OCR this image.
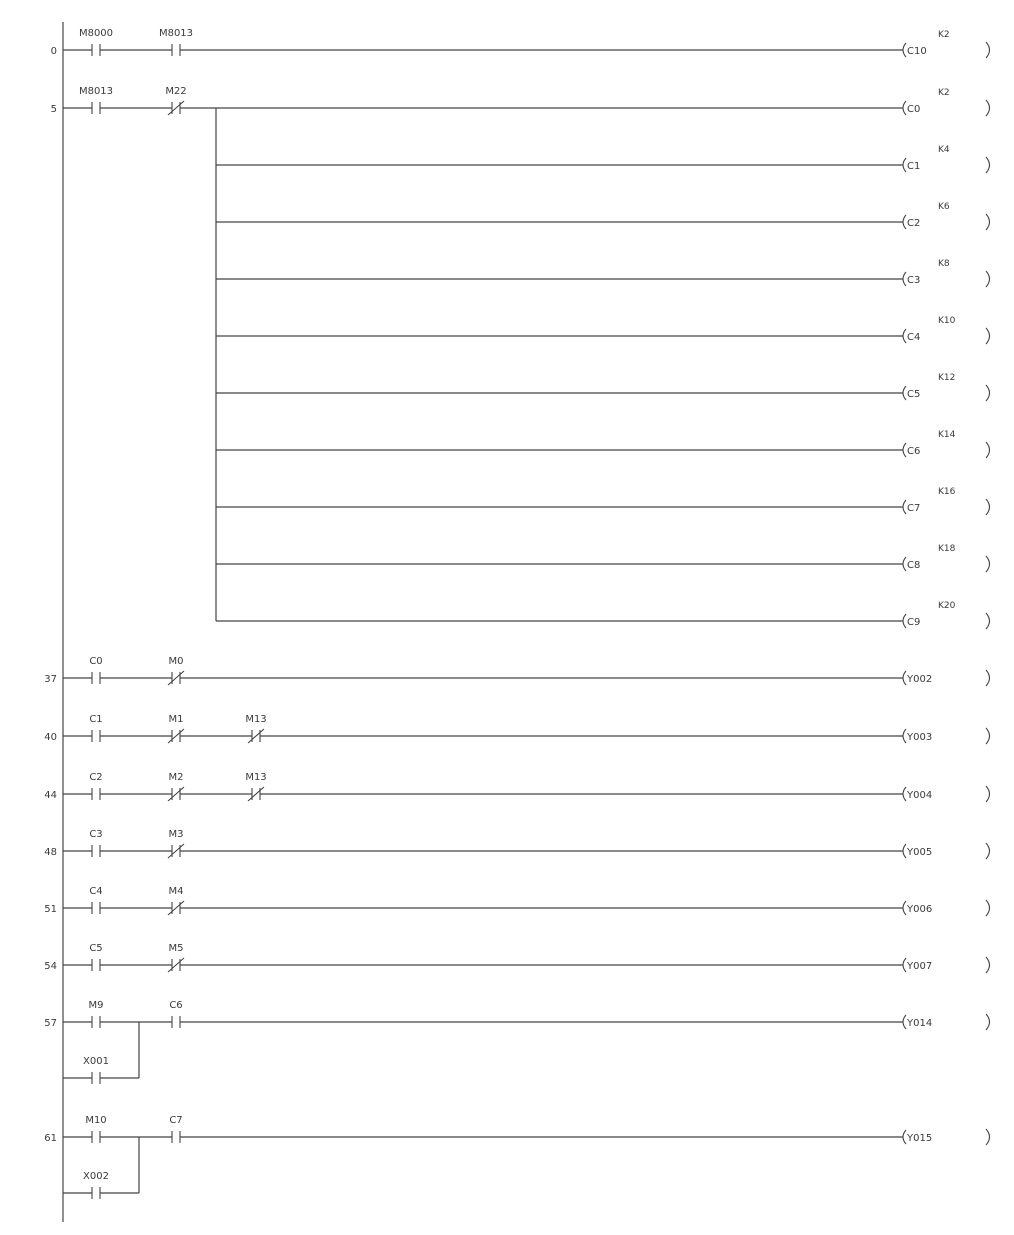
0
M8000	M8013
C10
K2
5
M8013	M22
C0
K2
C1
K4
C2
K6
C3
K8
C4
K10
C5
K12
C6
K14
C7
K16
C8
K18
C9
K20
37
C0	M0
Y002
40
C1	M1	M13
Y003
44
C2	M2	M13
Y004
48
C3	M3
Y005
51
C4	M4
Y006
54
C5	M5
Y007
57
M9	C6
X001
Y014
61
M10	C7
X002
Y015
